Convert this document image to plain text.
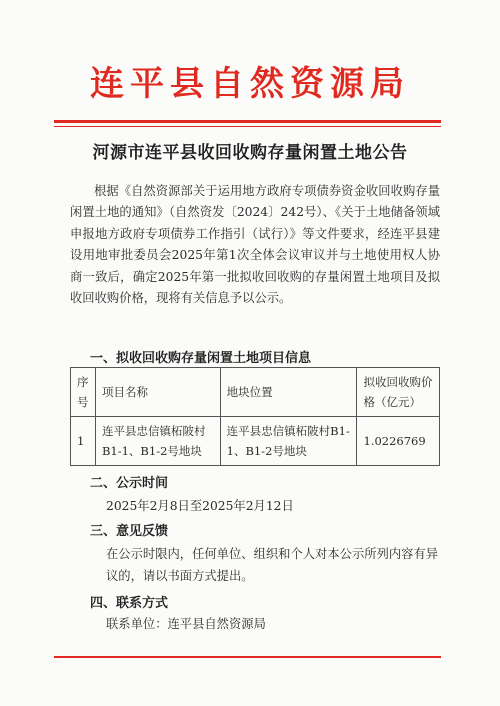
连平县自然资源局
河源市连平县收回收购存量闲置土地公告
根据《自然资源部关于运用地方政府专项债券资金收回收购存量闲置土地的通知》（自然资发〔2024〕242号）、《关于土地储备领域申报地方政府专项债券工作指引（试行）》等文件要求，经连平县建设用地审批委员会2025年第1次全体会议审议并与土地使用权人协商一致后，确定2025年第一批拟收回收购的存量闲置土地项目及拟收回收购价格，现将有关信息予以公示。
一、拟收回收购存量闲置土地项目信息
序号	项目名称	地块位置	拟收回收购价格（亿元）
1	连平县忠信镇柘陂村B1-1、B1-2号地块	连平县忠信镇柘陂村B1-1、B1-2号地块	1.0226769
二、公示时间
2025年2月8日至2025年2月12日
三、意见反馈
在公示时限内，任何单位、组织和个人对本公示所列内容有异议的，请以书面方式提出。
四、联系方式
联系单位：连平县自然资源局
